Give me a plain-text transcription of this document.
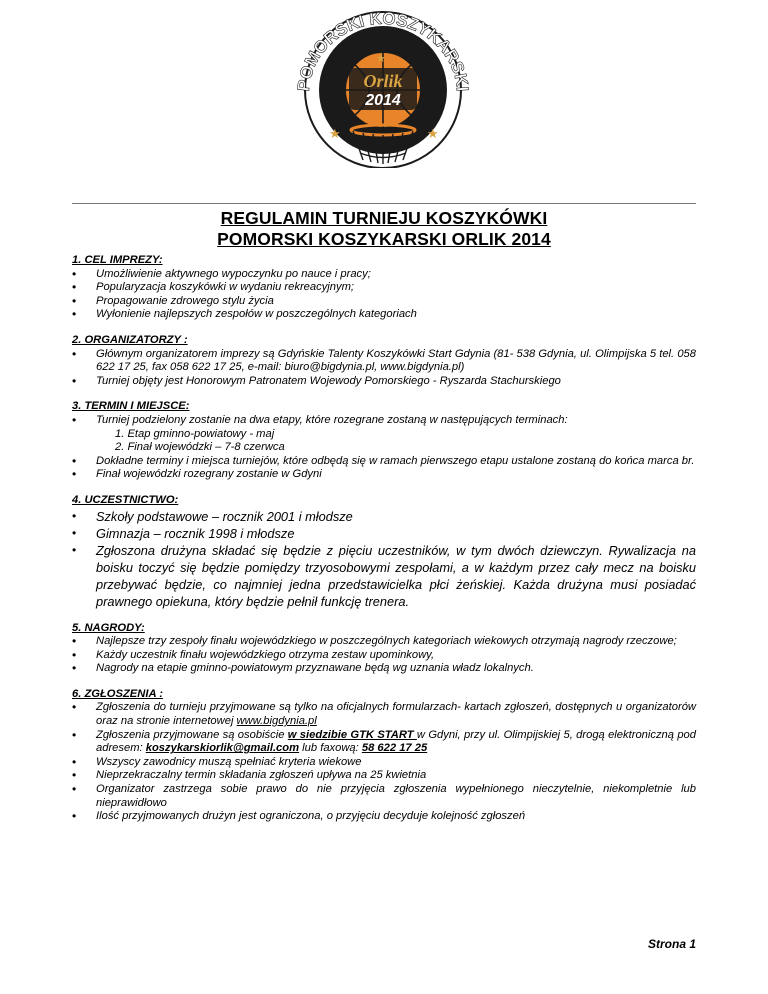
POMORSKI KOSZYKARSKI
Orlik
2014
★	★
★
REGULAMIN TURNIEJU KOSZYKÓWKI
POMORSKI KOSZYKARSKI ORLIK 2014
1. CEL IMPREZY:
• Umożliwienie aktywnego wypoczynku po nauce i pracy;
• Popularyzacja koszykówki w wydaniu rekreacyjnym;
• Propagowanie zdrowego stylu życia
• Wyłonienie najlepszych zespołów w poszczególnych kategoriach
2. ORGANIZATORZY :
• Głównym organizatorem imprezy są Gdyńskie Talenty Koszykówki Start Gdynia (81- 538 Gdynia, ul. Olimpijska 5 tel. 058 622 17 25, fax 058 622 17 25, e-mail: biuro@bigdynia.pl, www.bigdynia.pl)
• Turniej objęty jest Honorowym Patronatem Wojewody Pomorskiego - Ryszarda Stachurskiego
3. TERMIN I MIEJSCE:
• Turniej podzielony zostanie na dwa etapy, które rozegrane zostaną w następujących terminach:
1. Etap gminno-powiatowy - maj
2. Finał wojewódzki – 7-8 czerwca
• Dokładne terminy i miejsca turniejów, które odbędą się w ramach pierwszego etapu ustalone zostaną do końca marca br.
• Finał wojewódzki rozegrany zostanie w Gdyni
4. UCZESTNICTWO:
• Szkoły podstawowe – rocznik 2001 i młodsze
• Gimnazja – rocznik 1998 i młodsze
• Zgłoszona drużyna składać się będzie z pięciu uczestników, w tym dwóch dziewczyn. Rywalizacja na boisku toczyć się będzie pomiędzy trzyosobowymi zespołami, a w każdym przez cały mecz na boisku przebywać będzie, co najmniej jedna przedstawicielka płci żeńskiej. Każda drużyna musi posiadać prawnego opiekuna, który będzie pełnił funkcję trenera.
5. NAGRODY:
• Najlepsze trzy zespoły finału wojewódzkiego w poszczególnych kategoriach wiekowych otrzymają nagrody rzeczowe;
• Każdy uczestnik finału wojewódzkiego otrzyma zestaw upominkowy,
• Nagrody na etapie gminno-powiatowym przyznawane będą wg uznania władz lokalnych.
6. ZGŁOSZENIA :
• Zgłoszenia do turnieju przyjmowane są tylko na oficjalnych formularzach- kartach zgłoszeń, dostępnych u organizatorów oraz na stronie internetowej www.bigdynia.pl
• Zgłoszenia przyjmowane są osobiście w siedzibie GTK START w Gdyni, przy ul. Olimpijskiej 5, drogą elektroniczną pod adresem: koszykarskiorlik@gmail.com lub faxową: 58 622 17 25
• Wszyscy zawodnicy muszą spełniać kryteria wiekowe
• Nieprzekraczalny termin składania zgłoszeń upływa na 25 kwietnia
• Organizator zastrzega sobie prawo do nie przyjęcia zgłoszenia wypełnionego nieczytelnie, niekompletnie lub nieprawidłowo
• Ilość przyjmowanych drużyn jest ograniczona, o przyjęciu decyduje kolejność zgłoszeń
Strona 1
